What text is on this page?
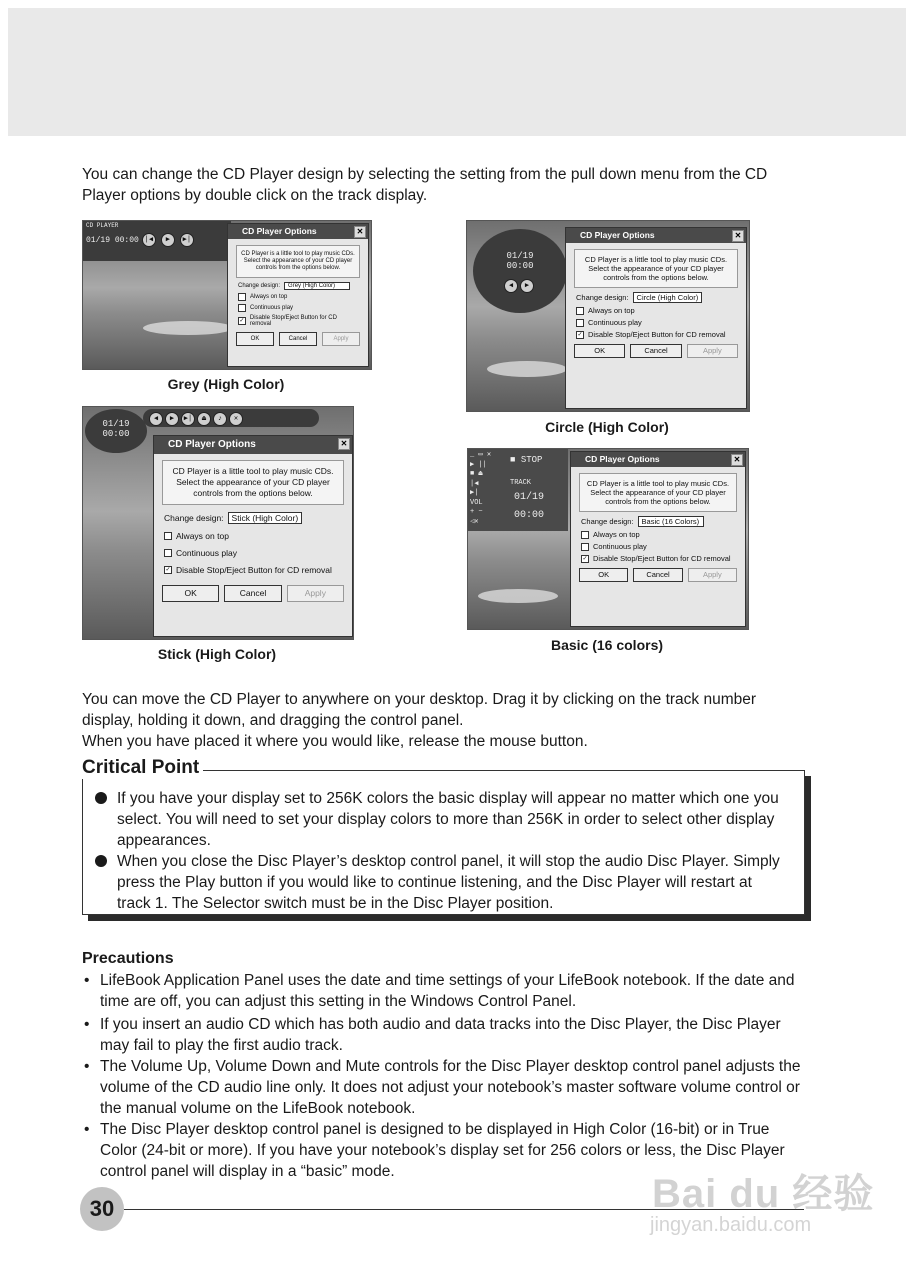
You can change the CD Player design by selecting the setting from the pull down menu from the CD Player options by double click on the track display.
CD PLAYER
01/19 00:00 |◀	▶	▶|
CD Player Options	✕
CD Player is a little tool to play music CDs. Select the appearance of your CD player controls from the options below.
Change design:	Grey (High Color)
Always on top
Continuous play
✓ Disable Stop/Eject Button for CD removal
OK	Cancel	Apply
Grey (High Color)
01/19
00:00
◀ ▶
CD Player Options	✕
CD Player is a little tool to play music CDs. Select the appearance of your CD player controls from the options below.
Change design:	Circle (High Color)
Always on top
Continuous play
✓ Disable Stop/Eject Button for CD removal
OK	Cancel	Apply
Circle (High Color)
01/19
00:00
◀ ▶ ▶| ⏏ ♪ ✕
CD Player Options	✕
CD Player is a little tool to play music CDs. Select the appearance of your CD player controls from the options below.
Change design: Stick (High Color)
Always on top
Continuous play
✓ Disable Stop/Eject Button for CD removal
OK	Cancel	Apply
Stick (High Color)
_ ▭ ✕
▶ ||
■ ⏏
|◀
▶|
VOL
+ −
◁✕
■ STOP
TRACK
01/19
00:00
CD Player Options	✕
CD Player is a little tool to play music CDs. Select the appearance of your CD player controls from the options below.
Change design:	Basic (16 Colors)
Always on top
Continuous play
✓ Disable Stop/Eject Button for CD removal
OK	Cancel	Apply
Basic (16 colors)
You can move the CD Player to anywhere on your desktop. Drag it by clicking on the track number display, holding it down, and dragging the control panel.
When you have placed it where you would like, release the mouse button.
If you have your display set to 256K colors the basic display will appear no matter which one you select. You will need to set your display colors to more than 256K in order to select other display appearances.
When you close the Disc Player’s desktop control panel, it will stop the audio Disc Player. Simply press the Play button if you would like to continue listening, and the Disc Player will restart at track 1. The Selector switch must be in the Disc Player position.
Critical Point
Precautions
• LifeBook Application Panel uses the date and time settings of your LifeBook notebook. If the date and time are off, you can adjust this setting in the Windows Control Panel.
• If you insert an audio CD which has both audio and data tracks into the Disc Player, the Disc Player may fail to play the first audio track.
• The Volume Up, Volume Down and Mute controls for the Disc Player desktop control panel adjusts the volume of the CD audio line only. It does not adjust your notebook’s master software volume control or the manual volume on the LifeBook notebook.
• The Disc Player desktop control panel is designed to be displayed in High Color (16-bit) or in True Color (24-bit or more). If you have your notebook’s display set for 256 colors or less, the Disc Player control panel will display in a “basic” mode.
30	Bai du 经验
jingyan.baidu.com
